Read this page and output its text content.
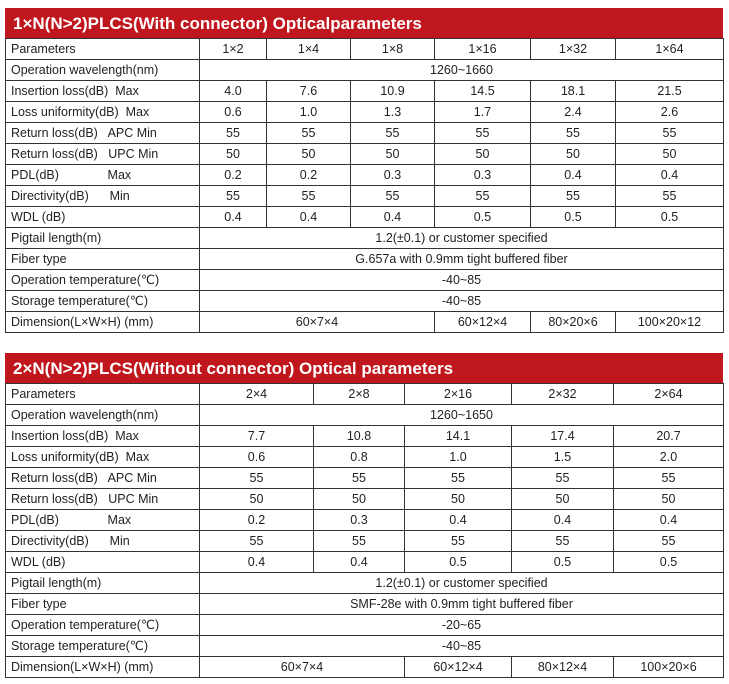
1×N(N>2)PLCS(With connector) Opticalparameters
Parameters	1×2	1×4	1×8	1×16	1×32	1×64
Operation wavelength(nm)	1260~1660					
Insertion loss(dB)  Max	4.0	7.6	10.9	14.5	18.1	21.5
Loss uniformity(dB)  Max	0.6	1.0	1.3	1.7	2.4	2.6
Return loss(dB)   APC Min	55	55	55	55	55	55
Return loss(dB)   UPC Min	50	50	50	50	50	50
PDL(dB)              Max	0.2	0.2	0.3	0.3	0.4	0.4
Directivity(dB)      Min	55	55	55	55	55	55
WDL (dB)	0.4	0.4	0.4	0.5	0.5	0.5
Pigtail length(m)	1.2(±0.1) or customer specified					
Fiber type	G.657a with 0.9mm tight buffered fiber					
Operation temperature(℃)	-40~85					
Storage temperature(℃)	-40~85					
Dimension(L×W×H) (mm)	60×7×4			60×12×4	80×20×6	100×20×12
2×N(N>2)PLCS(Without connector) Optical parameters
Parameters	2×4	2×8	2×16	2×32	2×64
Operation wavelength(nm)	1260~1650				
Insertion loss(dB)  Max	7.7	10.8	14.1	17.4	20.7
Loss uniformity(dB)  Max	0.6	0.8	1.0	1.5	2.0
Return loss(dB)   APC Min	55	55	55	55	55
Return loss(dB)   UPC Min	50	50	50	50	50
PDL(dB)              Max	0.2	0.3	0.4	0.4	0.4
Directivity(dB)      Min	55	55	55	55	55
WDL (dB)	0.4	0.4	0.5	0.5	0.5
Pigtail length(m)	1.2(±0.1) or customer specified				
Fiber type	SMF-28e with 0.9mm tight buffered fiber				
Operation temperature(℃)	-20~65				
Storage temperature(℃)	-40~85				
Dimension(L×W×H) (mm)	60×7×4		60×12×4	80×12×4	100×20×6
